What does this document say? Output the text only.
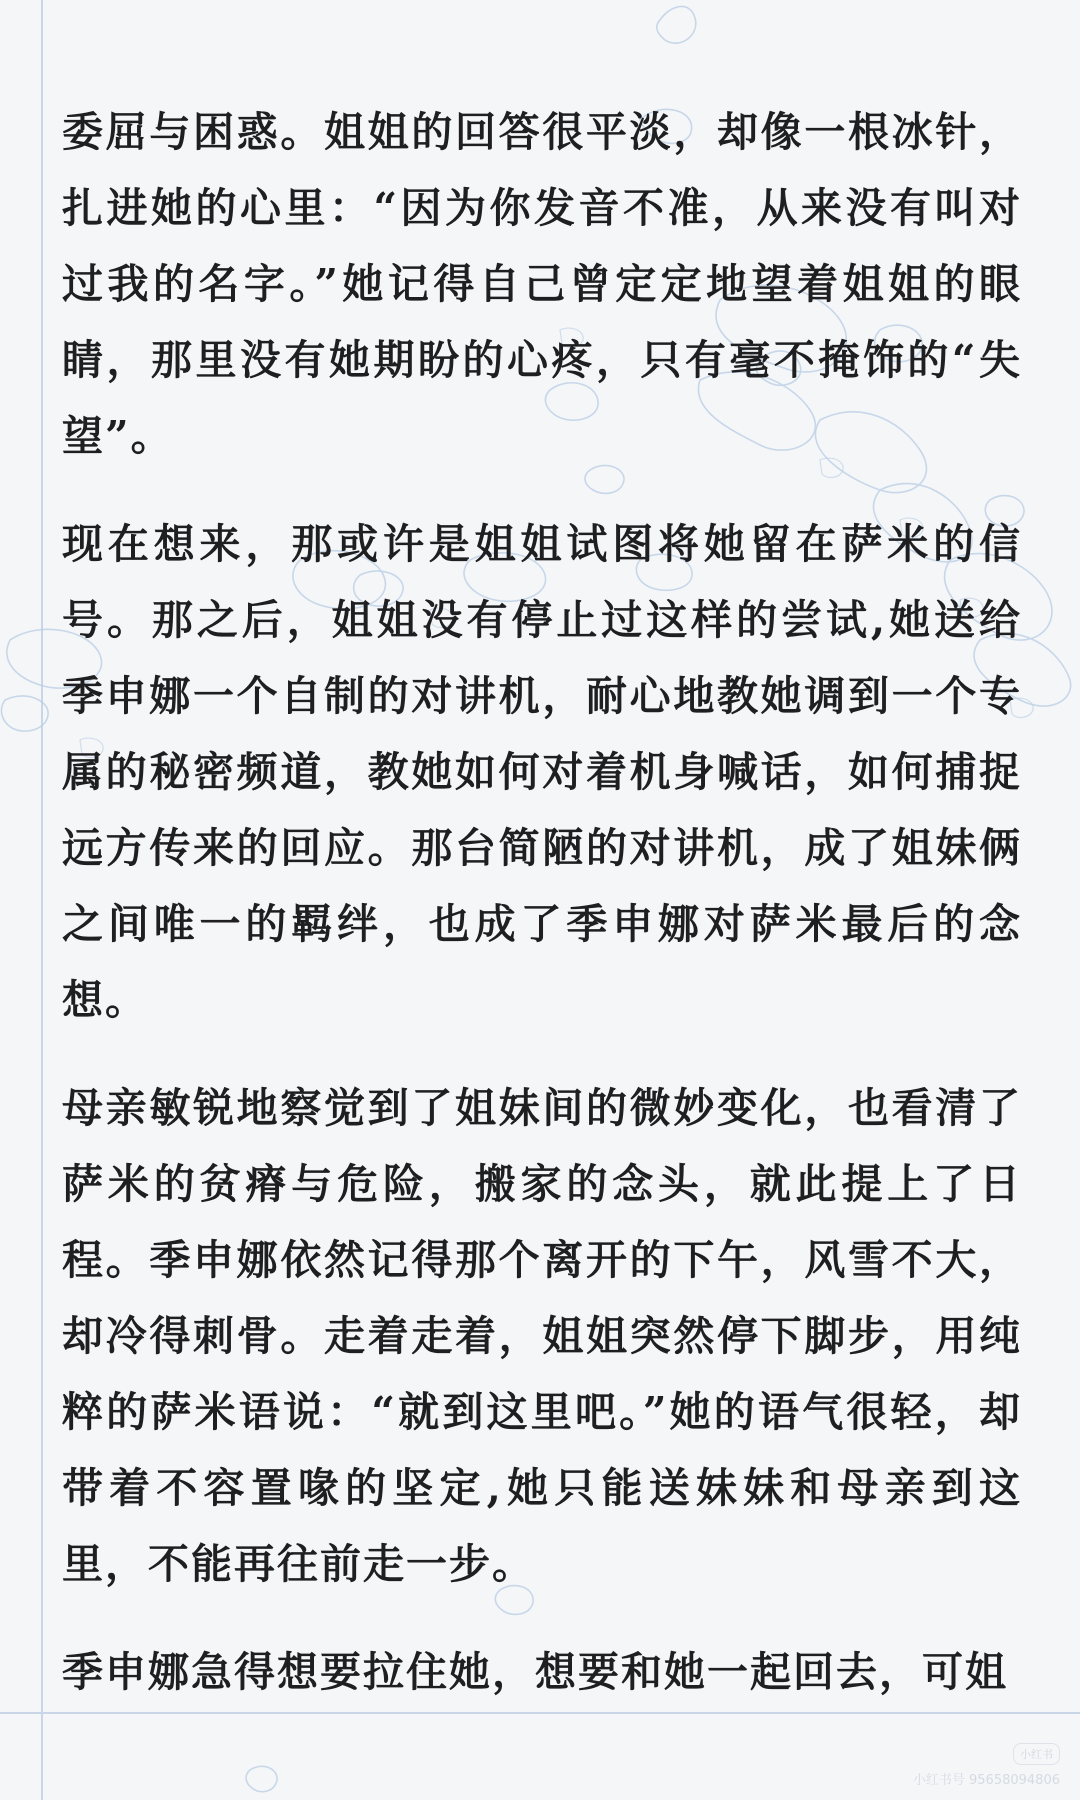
委屈与困惑。姐姐的回答很平淡，却像一根冰针，扎进她的心里：“因为你发音不准，从来没有叫对过我的名字。”她记得自己曾定定地望着姐姐的眼睛，那里没有她期盼的心疼，只有毫不掩饰的“失望”。

现在想来，那或许是姐姐试图将她留在萨米的信号。那之后，姐姐没有停止过这样的尝试,她送给季申娜一个自制的对讲机，耐心地教她调到一个专属的秘密频道，教她如何对着机身喊话，如何捕捉远方传来的回应。那台简陋的对讲机，成了姐妹俩之间唯一的羁绊，也成了季申娜对萨米最后的念想。

母亲敏锐地察觉到了姐妹间的微妙变化，也看清了萨米的贫瘠与危险，搬家的念头，就此提上了日程。季申娜依然记得那个离开的下午，风雪不大，却冷得刺骨。走着走着，姐姐突然停下脚步，用纯粹的萨米语说：“就到这里吧。”她的语气很轻，却带着不容置喙的坚定,她只能送妹妹和母亲到这里，不能再往前走一步。

季申娜急得想要拉住她，想要和她一起回去，可姐

小红书
小红书号 95658094806
